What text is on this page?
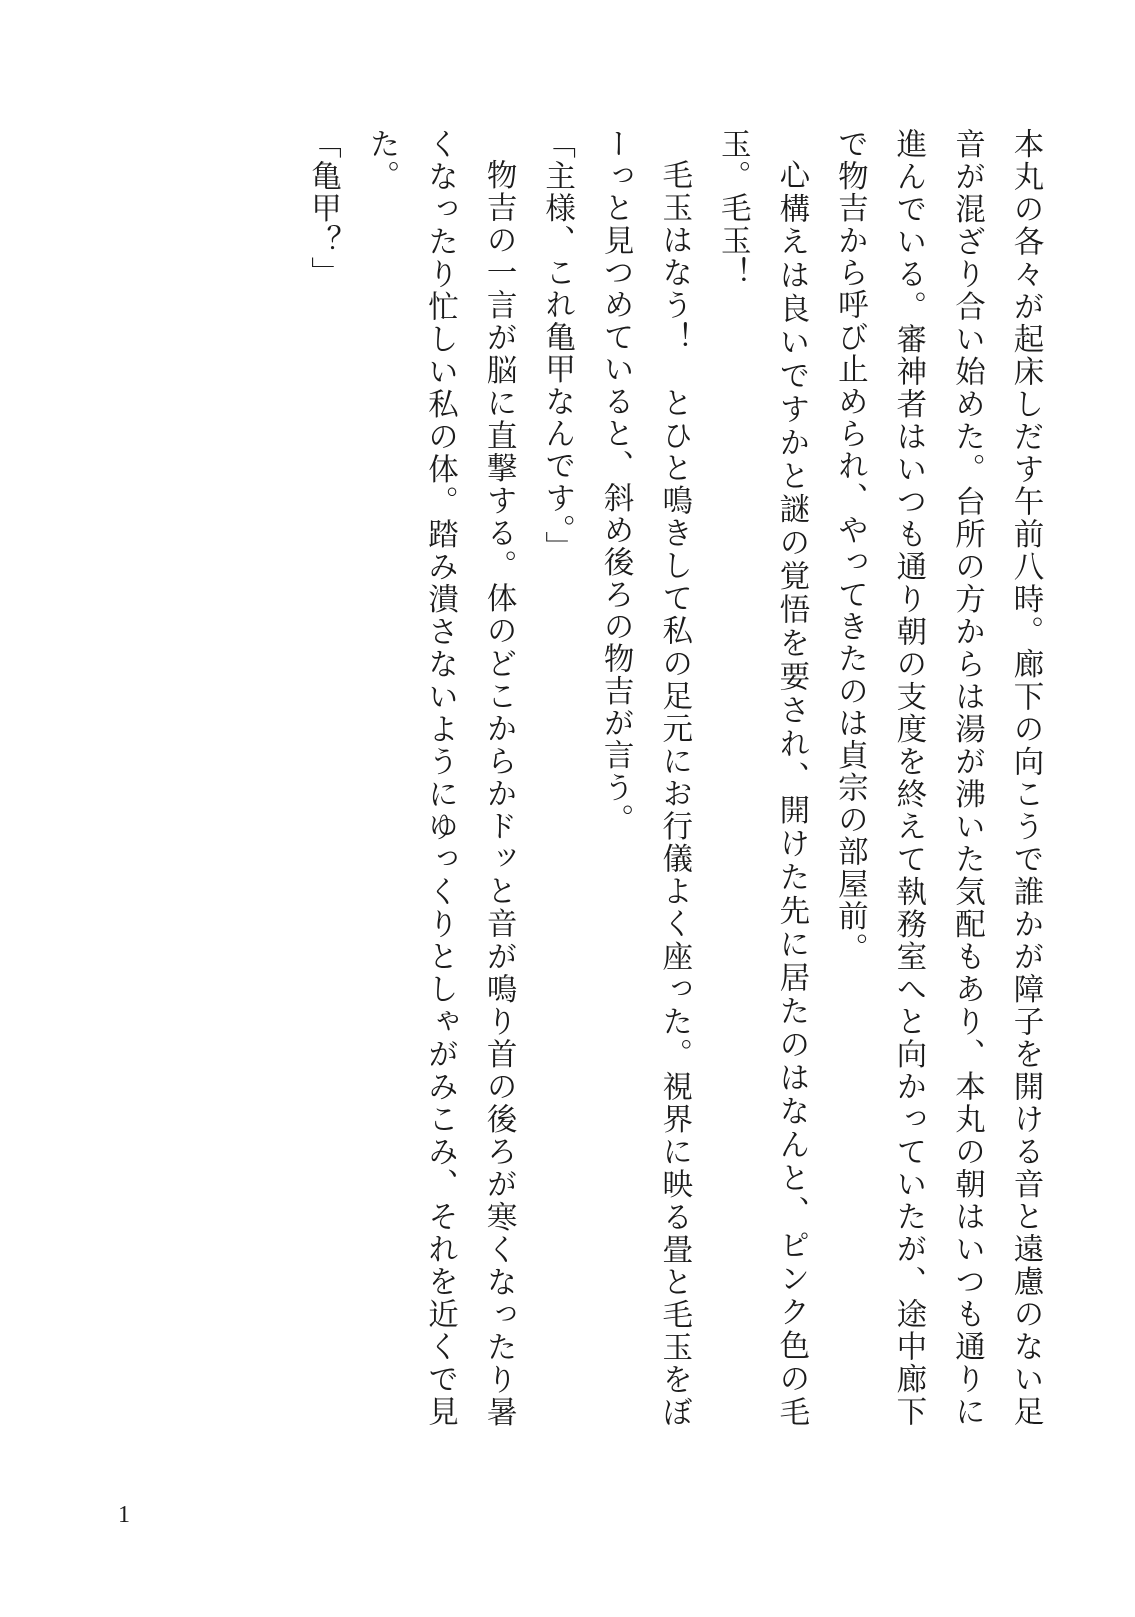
本丸の各々が起床しだす午前八時。廊下の向こうで誰かが障子を開ける音と遠慮のない足音が混ざり合い始めた。台所の方からは湯が沸いた気配もあり、本丸の朝はいつも通りに進んでいる。審神者はいつも通り朝の支度を終えて執務室へと向かっていたが、途中廊下で物吉から呼び止められ、やってきたのは貞宗の部屋前。

心構えは良いですかと謎の覚悟を要され、開けた先に居たのはなんと、ピンク色の毛玉。毛玉！

毛玉はなう！　とひと鳴きして私の足元にお行儀よく座った。視界に映る畳と毛玉をぼーっと見つめていると、斜め後ろの物吉が言う。

「主様、これ亀甲なんです。」

物吉の一言が脳に直撃する。体のどこからかドッと音が鳴り首の後ろが寒くなったり暑くなったり忙しい私の体。踏み潰さないようにゆっくりとしゃがみこみ、それを近くで見た。

「亀甲？」

1
